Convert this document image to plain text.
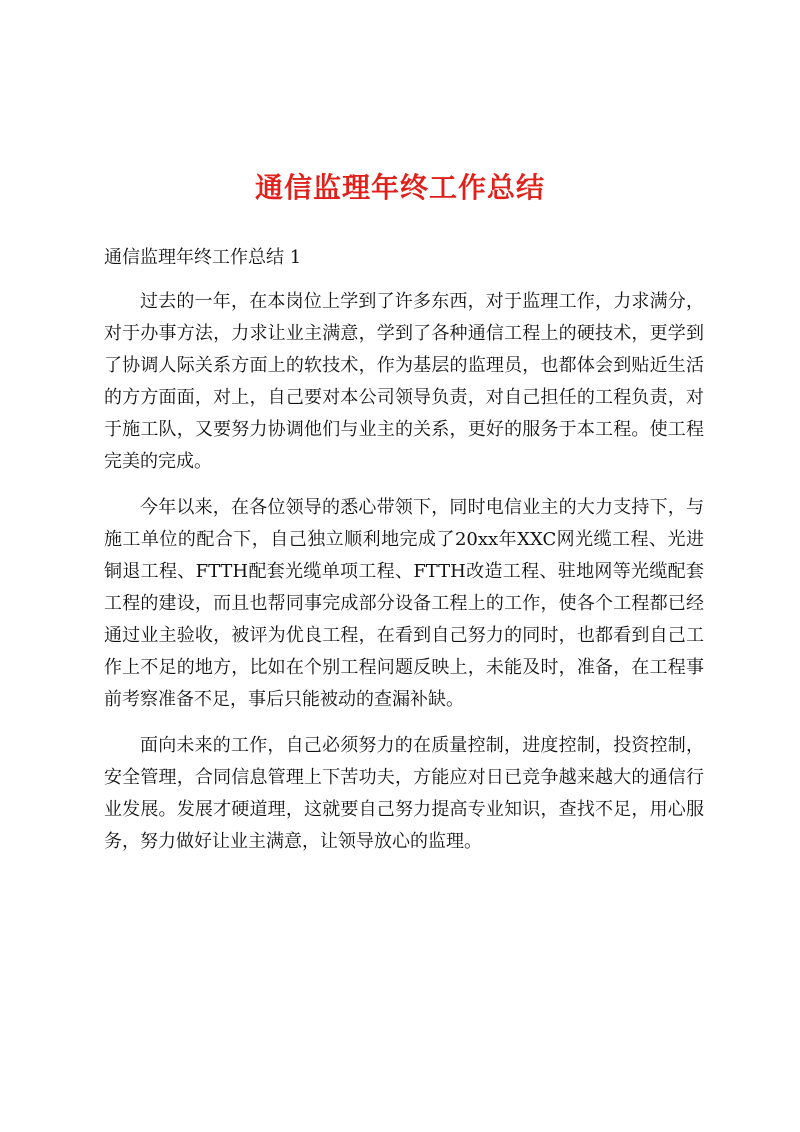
通信监理年终工作总结

通信监理年终工作总结 1

过去的一年，在本岗位上学到了许多东西，对于监理工作，力求满分，对于办事方法，力求让业主满意，学到了各种通信工程上的硬技术，更学到了协调人际关系方面上的软技术，作为基层的监理员，也都体会到贴近生活的方方面面，对上，自己要对本公司领导负责，对自己担任的工程负责，对于施工队，又要努力协调他们与业主的关系，更好的服务于本工程。使工程完美的完成。

今年以来，在各位领导的悉心带领下，同时电信业主的大力支持下，与施工单位的配合下，自己独立顺利地完成了20xx年XXC网光缆工程、光进铜退工程、FTTH配套光缆单项工程、FTTH改造工程、驻地网等光缆配套工程的建设，而且也帮同事完成部分设备工程上的工作，使各个工程都已经通过业主验收，被评为优良工程，在看到自己努力的同时，也都看到自己工作上不足的地方，比如在个别工程问题反映上，未能及时，准备，在工程事前考察准备不足，事后只能被动的查漏补缺。

面向未来的工作，自己必须努力的在质量控制，进度控制，投资控制，安全管理，合同信息管理上下苦功夫，方能应对日已竞争越来越大的通信行业发展。发展才硬道理，这就要自己努力提高专业知识，查找不足，用心服务，努力做好让业主满意，让领导放心的监理。
